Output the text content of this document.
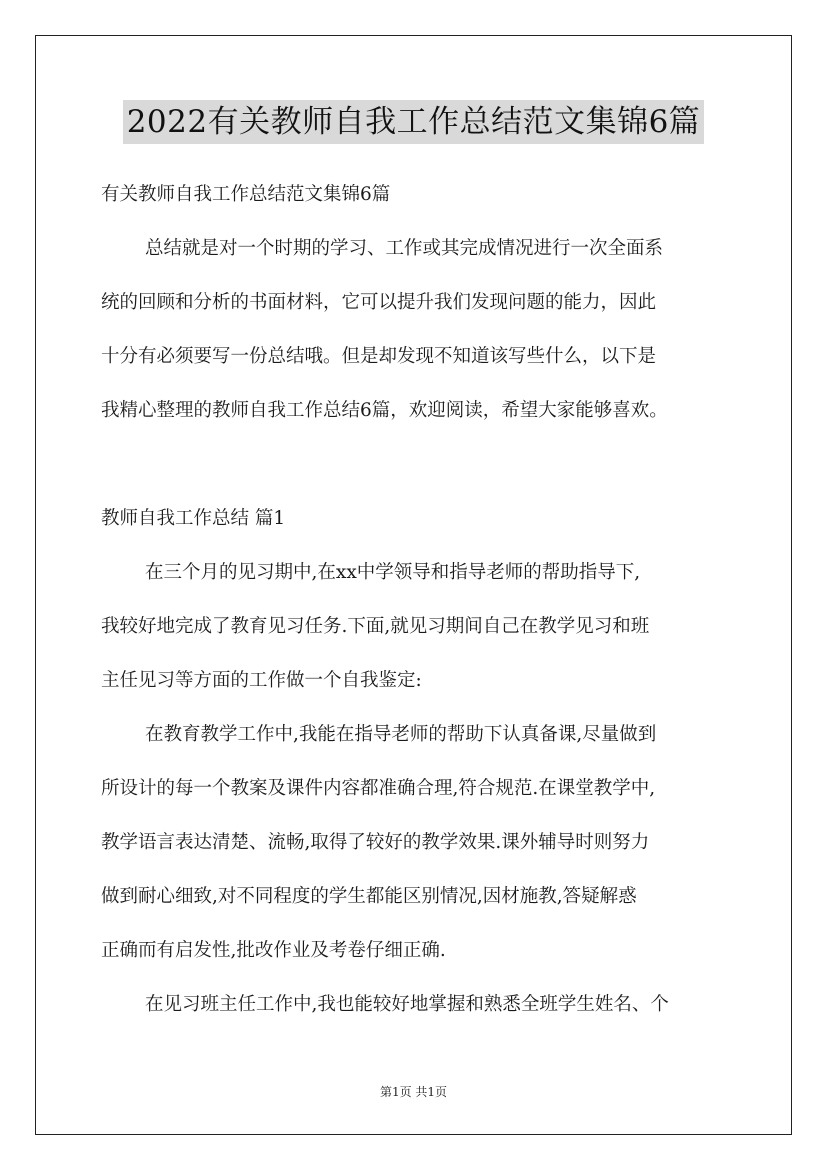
2022有关教师自我工作总结范文集锦6篇

有关教师自我工作总结范文集锦6篇

总结就是对一个时期的学习、工作或其完成情况进行一次全面系

统的回顾和分析的书面材料，它可以提升我们发现问题的能力，因此

十分有必须要写一份总结哦。但是却发现不知道该写些什么，以下是

我精心整理的教师自我工作总结6篇，欢迎阅读，希望大家能够喜欢。

教师自我工作总结 篇1

在三个月的见习期中,在xx中学领导和指导老师的帮助指导下,

我较好地完成了教育见习任务.下面,就见习期间自己在教学见习和班

主任见习等方面的工作做一个自我鉴定:

在教育教学工作中,我能在指导老师的帮助下认真备课,尽量做到

所设计的每一个教案及课件内容都准确合理,符合规范.在课堂教学中,

教学语言表达清楚、流畅,取得了较好的教学效果.课外辅导时则努力

做到耐心细致,对不同程度的学生都能区别情况,因材施教,答疑解惑

正确而有启发性,批改作业及考卷仔细正确.

在见习班主任工作中,我也能较好地掌握和熟悉全班学生姓名、个

第1页 共1页
